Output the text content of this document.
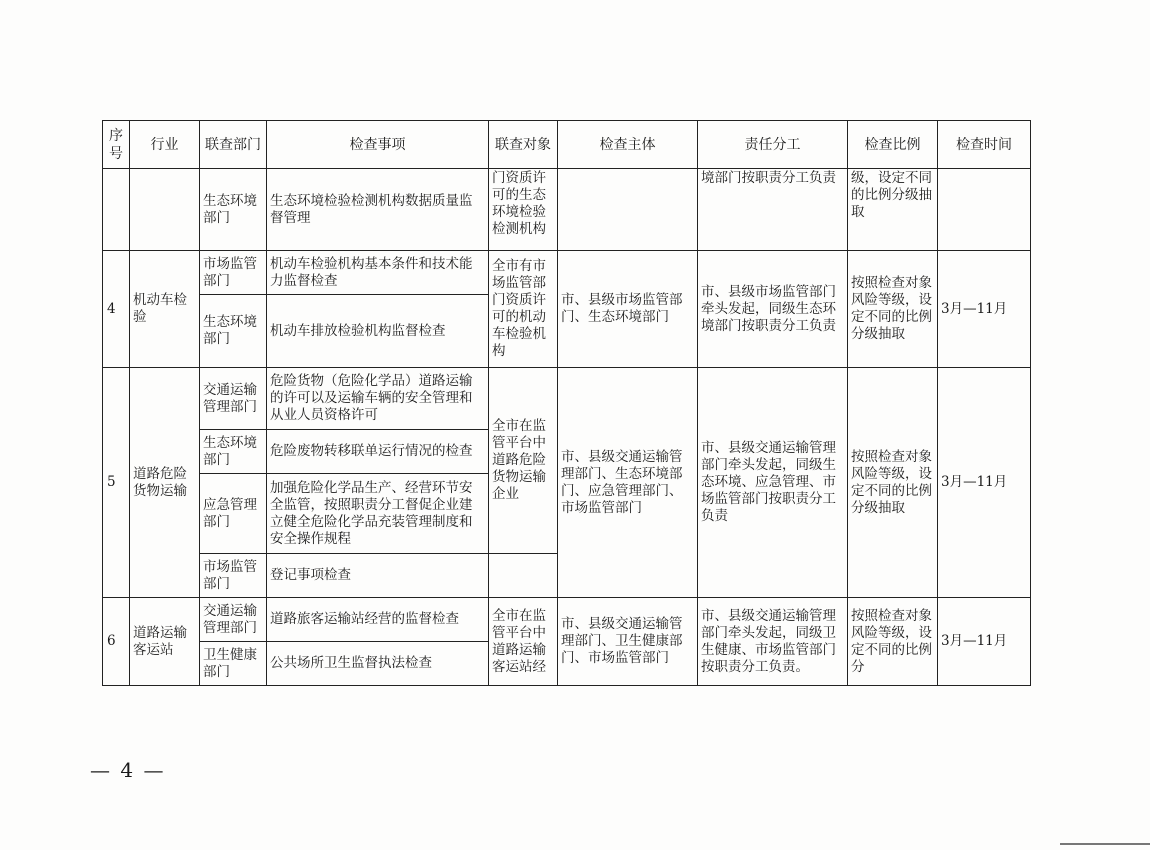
序号	行业	联查部门	检查事项	联查对象	检查主体	责任分工	检查比例	检查时间
		生态环境部门	生态环境检验检测机构数据质量监督管理	门资质许可的生态环境检验检测机构		境部门按职责分工负责	级，设定不同的比例分级抽取	
4	机动车检验	市场监管部门	机动车检验机构基本条件和技术能力监督检查	全市有市场监管部门资质许可的机动车检验机构	市、县级市场监管部门、生态环境部门	市、县级市场监管部门牵头发起，同级生态环境部门按职责分工负责	按照检查对象风险等级，设定不同的比例分级抽取	3月—11月
		生态环境部门	机动车排放检验机构监督检查					
5	道路危险货物运输	交通运输管理部门	危险货物（危险化学品）道路运输的许可以及运输车辆的安全管理和从业人员资格许可	全市在监管平台中道路危险货物运输企业	市、县级交通运输管理部门、生态环境部门、应急管理部门、市场监管部门	市、县级交通运输管理部门牵头发起，同级生态环境、应急管理、市场监管部门按职责分工负责	按照检查对象风险等级，设定不同的比例分级抽取	3月—11月
		生态环境部门	危险废物转移联单运行情况的检查					
		应急管理部门	加强危险化学品生产、经营环节安全监管，按照职责分工督促企业建立健全危险化学品充装管理制度和安全操作规程					
		市场监管部门	登记事项检查					
6	道路运输客运站	交通运输管理部门	道路旅客运输站经营的监督检查	全市在监管平台中道路运输客运站经	市、县级交通运输管理部门、卫生健康部门、市场监管部门	市、县级交通运输管理部门牵头发起，同级卫生健康、市场监管部门按职责分工负责。	按照检查对象风险等级，设定不同的比例分	3月—11月
		卫生健康部门	公共场所卫生监督执法检查					
— 4 —
